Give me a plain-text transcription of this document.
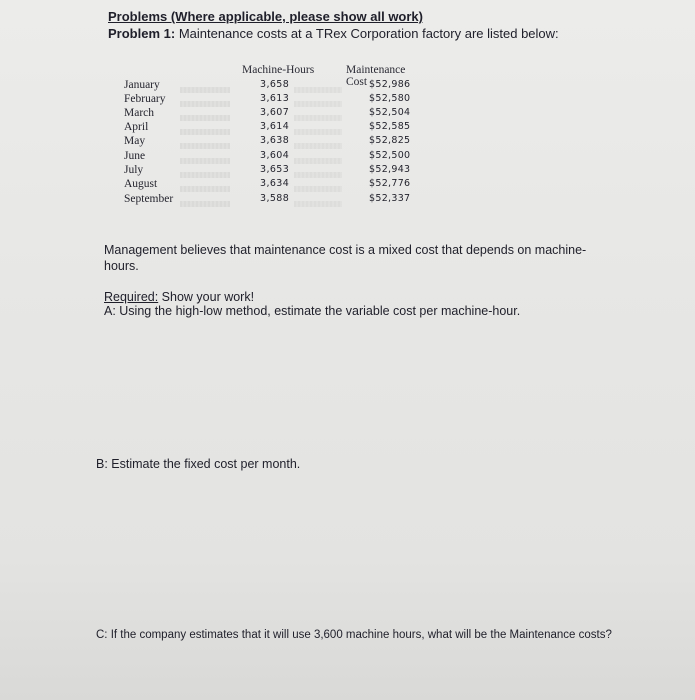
Problems (Where applicable, please show all work)
Problem 1: Maintenance costs at a TRex Corporation factory are listed below:
Machine-Hours	Maintenance Cost
January	3,658	$52,986
February	3,613	$52,580
March	3,607	$52,504
April	3,614	$52,585
May	3,638	$52,825
June	3,604	$52,500
July	3,653	$52,943
August	3,634	$52,776
September	3,588	$52,337
Management believes that maintenance cost is a mixed cost that depends on machine-hours.
Required: Show your work!
A: Using the high-low method, estimate the variable cost per machine-hour.
B: Estimate the fixed cost per month.
C: If the company estimates that it will use 3,600 machine hours, what will be the Maintenance costs?
